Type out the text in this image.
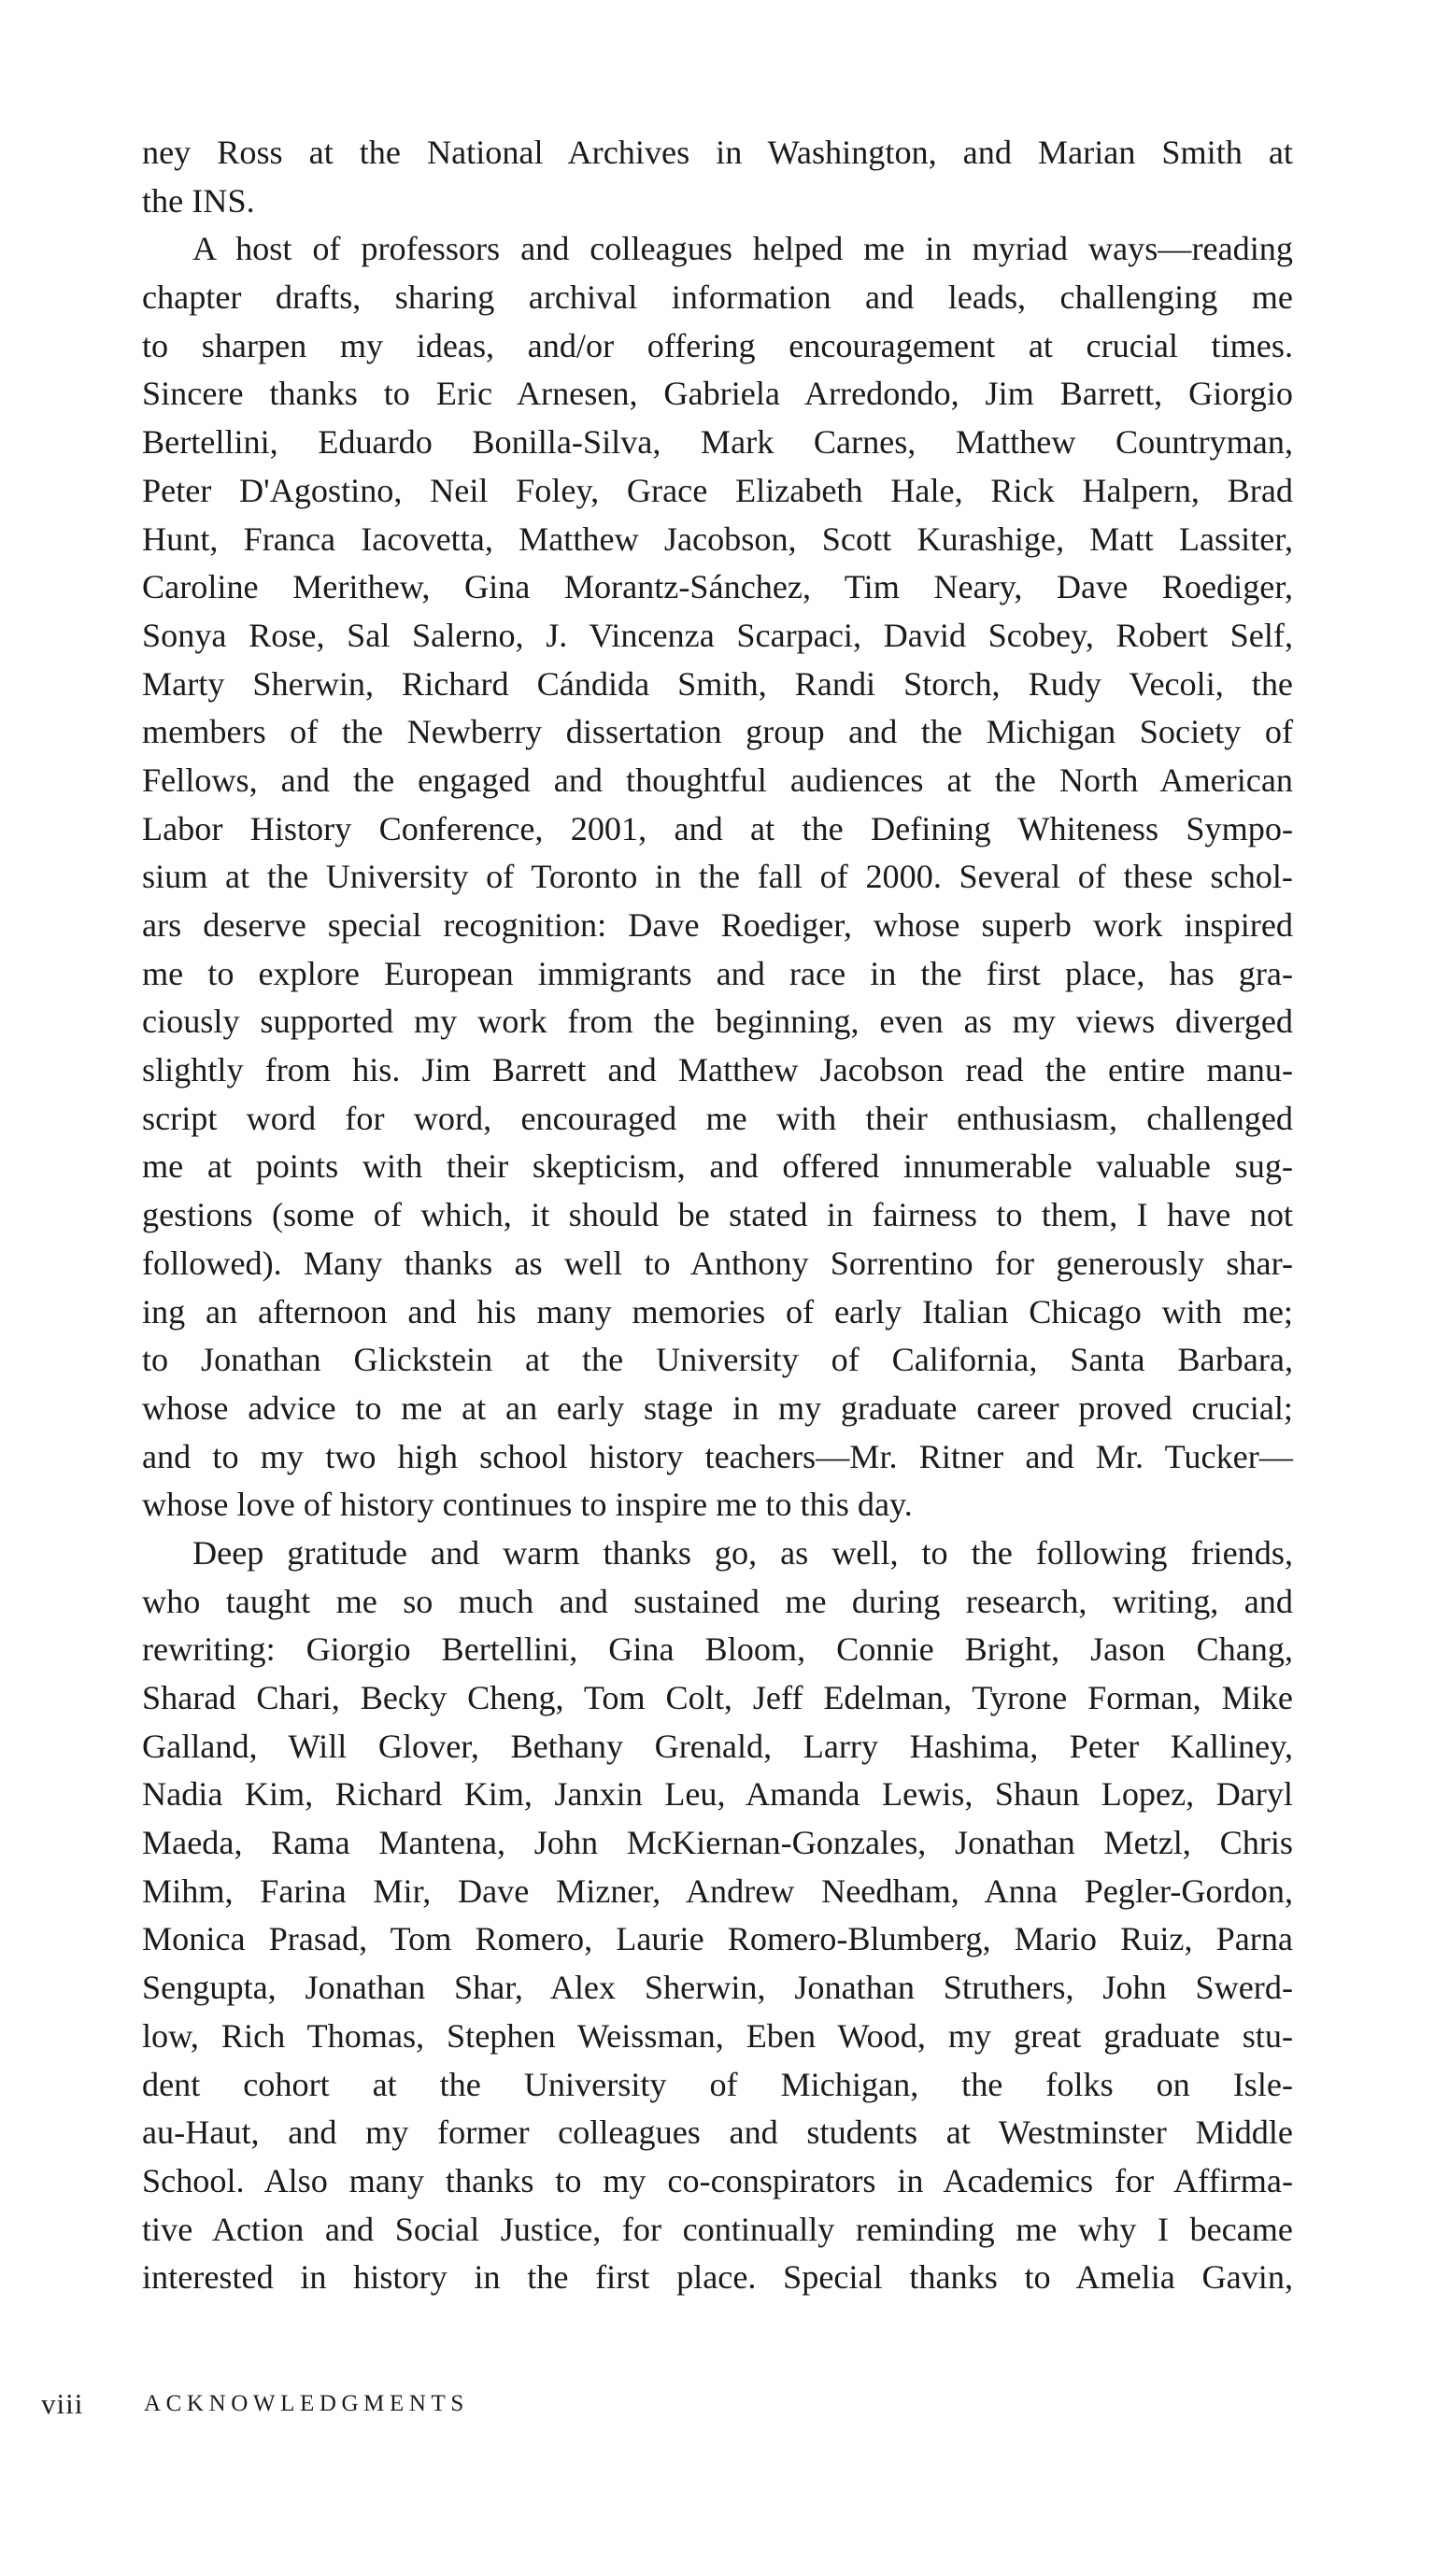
ney Ross at the National Archives in Washington, and Marian Smith at
the INS.
A host of professors and colleagues helped me in myriad ways—reading
chapter drafts, sharing archival information and leads, challenging me
to sharpen my ideas, and/or offering encouragement at crucial times.
Sincere thanks to Eric Arnesen, Gabriela Arredondo, Jim Barrett, Giorgio
Bertellini, Eduardo Bonilla-Silva, Mark Carnes, Matthew Countryman,
Peter D'Agostino, Neil Foley, Grace Elizabeth Hale, Rick Halpern, Brad
Hunt, Franca Iacovetta, Matthew Jacobson, Scott Kurashige, Matt Lassiter,
Caroline Merithew, Gina Morantz-Sánchez, Tim Neary, Dave Roediger,
Sonya Rose, Sal Salerno, J. Vincenza Scarpaci, David Scobey, Robert Self,
Marty Sherwin, Richard Cándida Smith, Randi Storch, Rudy Vecoli, the
members of the Newberry dissertation group and the Michigan Society of
Fellows, and the engaged and thoughtful audiences at the North American
Labor History Conference, 2001, and at the Defining Whiteness Sympo-
sium at the University of Toronto in the fall of 2000. Several of these schol-
ars deserve special recognition: Dave Roediger, whose superb work inspired
me to explore European immigrants and race in the first place, has gra-
ciously supported my work from the beginning, even as my views diverged
slightly from his. Jim Barrett and Matthew Jacobson read the entire manu-
script word for word, encouraged me with their enthusiasm, challenged
me at points with their skepticism, and offered innumerable valuable sug-
gestions (some of which, it should be stated in fairness to them, I have not
followed). Many thanks as well to Anthony Sorrentino for generously shar-
ing an afternoon and his many memories of early Italian Chicago with me;
to Jonathan Glickstein at the University of California, Santa Barbara,
whose advice to me at an early stage in my graduate career proved crucial;
and to my two high school history teachers—Mr. Ritner and Mr. Tucker—
whose love of history continues to inspire me to this day.
Deep gratitude and warm thanks go, as well, to the following friends,
who taught me so much and sustained me during research, writing, and
rewriting: Giorgio Bertellini, Gina Bloom, Connie Bright, Jason Chang,
Sharad Chari, Becky Cheng, Tom Colt, Jeff Edelman, Tyrone Forman, Mike
Galland, Will Glover, Bethany Grenald, Larry Hashima, Peter Kalliney,
Nadia Kim, Richard Kim, Janxin Leu, Amanda Lewis, Shaun Lopez, Daryl
Maeda, Rama Mantena, John McKiernan-Gonzales, Jonathan Metzl, Chris
Mihm, Farina Mir, Dave Mizner, Andrew Needham, Anna Pegler-Gordon,
Monica Prasad, Tom Romero, Laurie Romero-Blumberg, Mario Ruiz, Parna
Sengupta, Jonathan Shar, Alex Sherwin, Jonathan Struthers, John Swerd-
low, Rich Thomas, Stephen Weissman, Eben Wood, my great graduate stu-
dent cohort at the University of Michigan, the folks on Isle-
au-Haut, and my former colleagues and students at Westminster Middle
School. Also many thanks to my co-conspirators in Academics for Affirma-
tive Action and Social Justice, for continually reminding me why I became
interested in history in the first place. Special thanks to Amelia Gavin,
viii	ACKNOWLEDGMENTS
